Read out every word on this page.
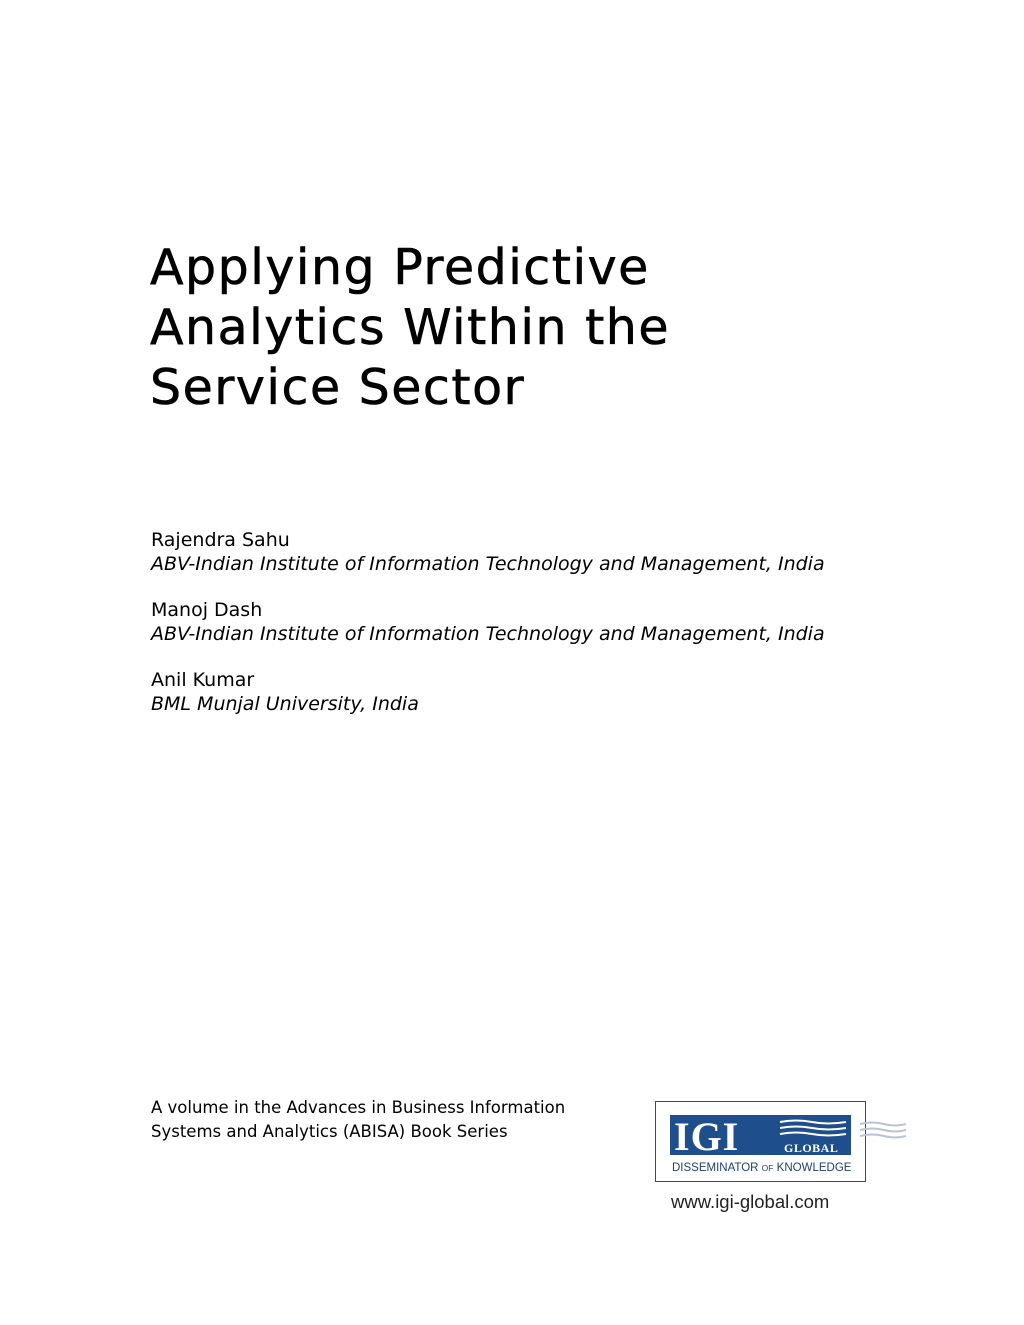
Applying Predictive
Analytics Within the
Service Sector
Rajendra Sahu
ABV-Indian Institute of Information Technology and Management, India
Manoj Dash
ABV-Indian Institute of Information Technology and Management, India
Anil Kumar
BML Munjal University, India
A volume in the Advances in Business Information
Systems and Analytics (ABISA) Book Series	IGI	GLOBAL
DISSEMINATOR OF KNOWLEDGE
www.igi-global.com
